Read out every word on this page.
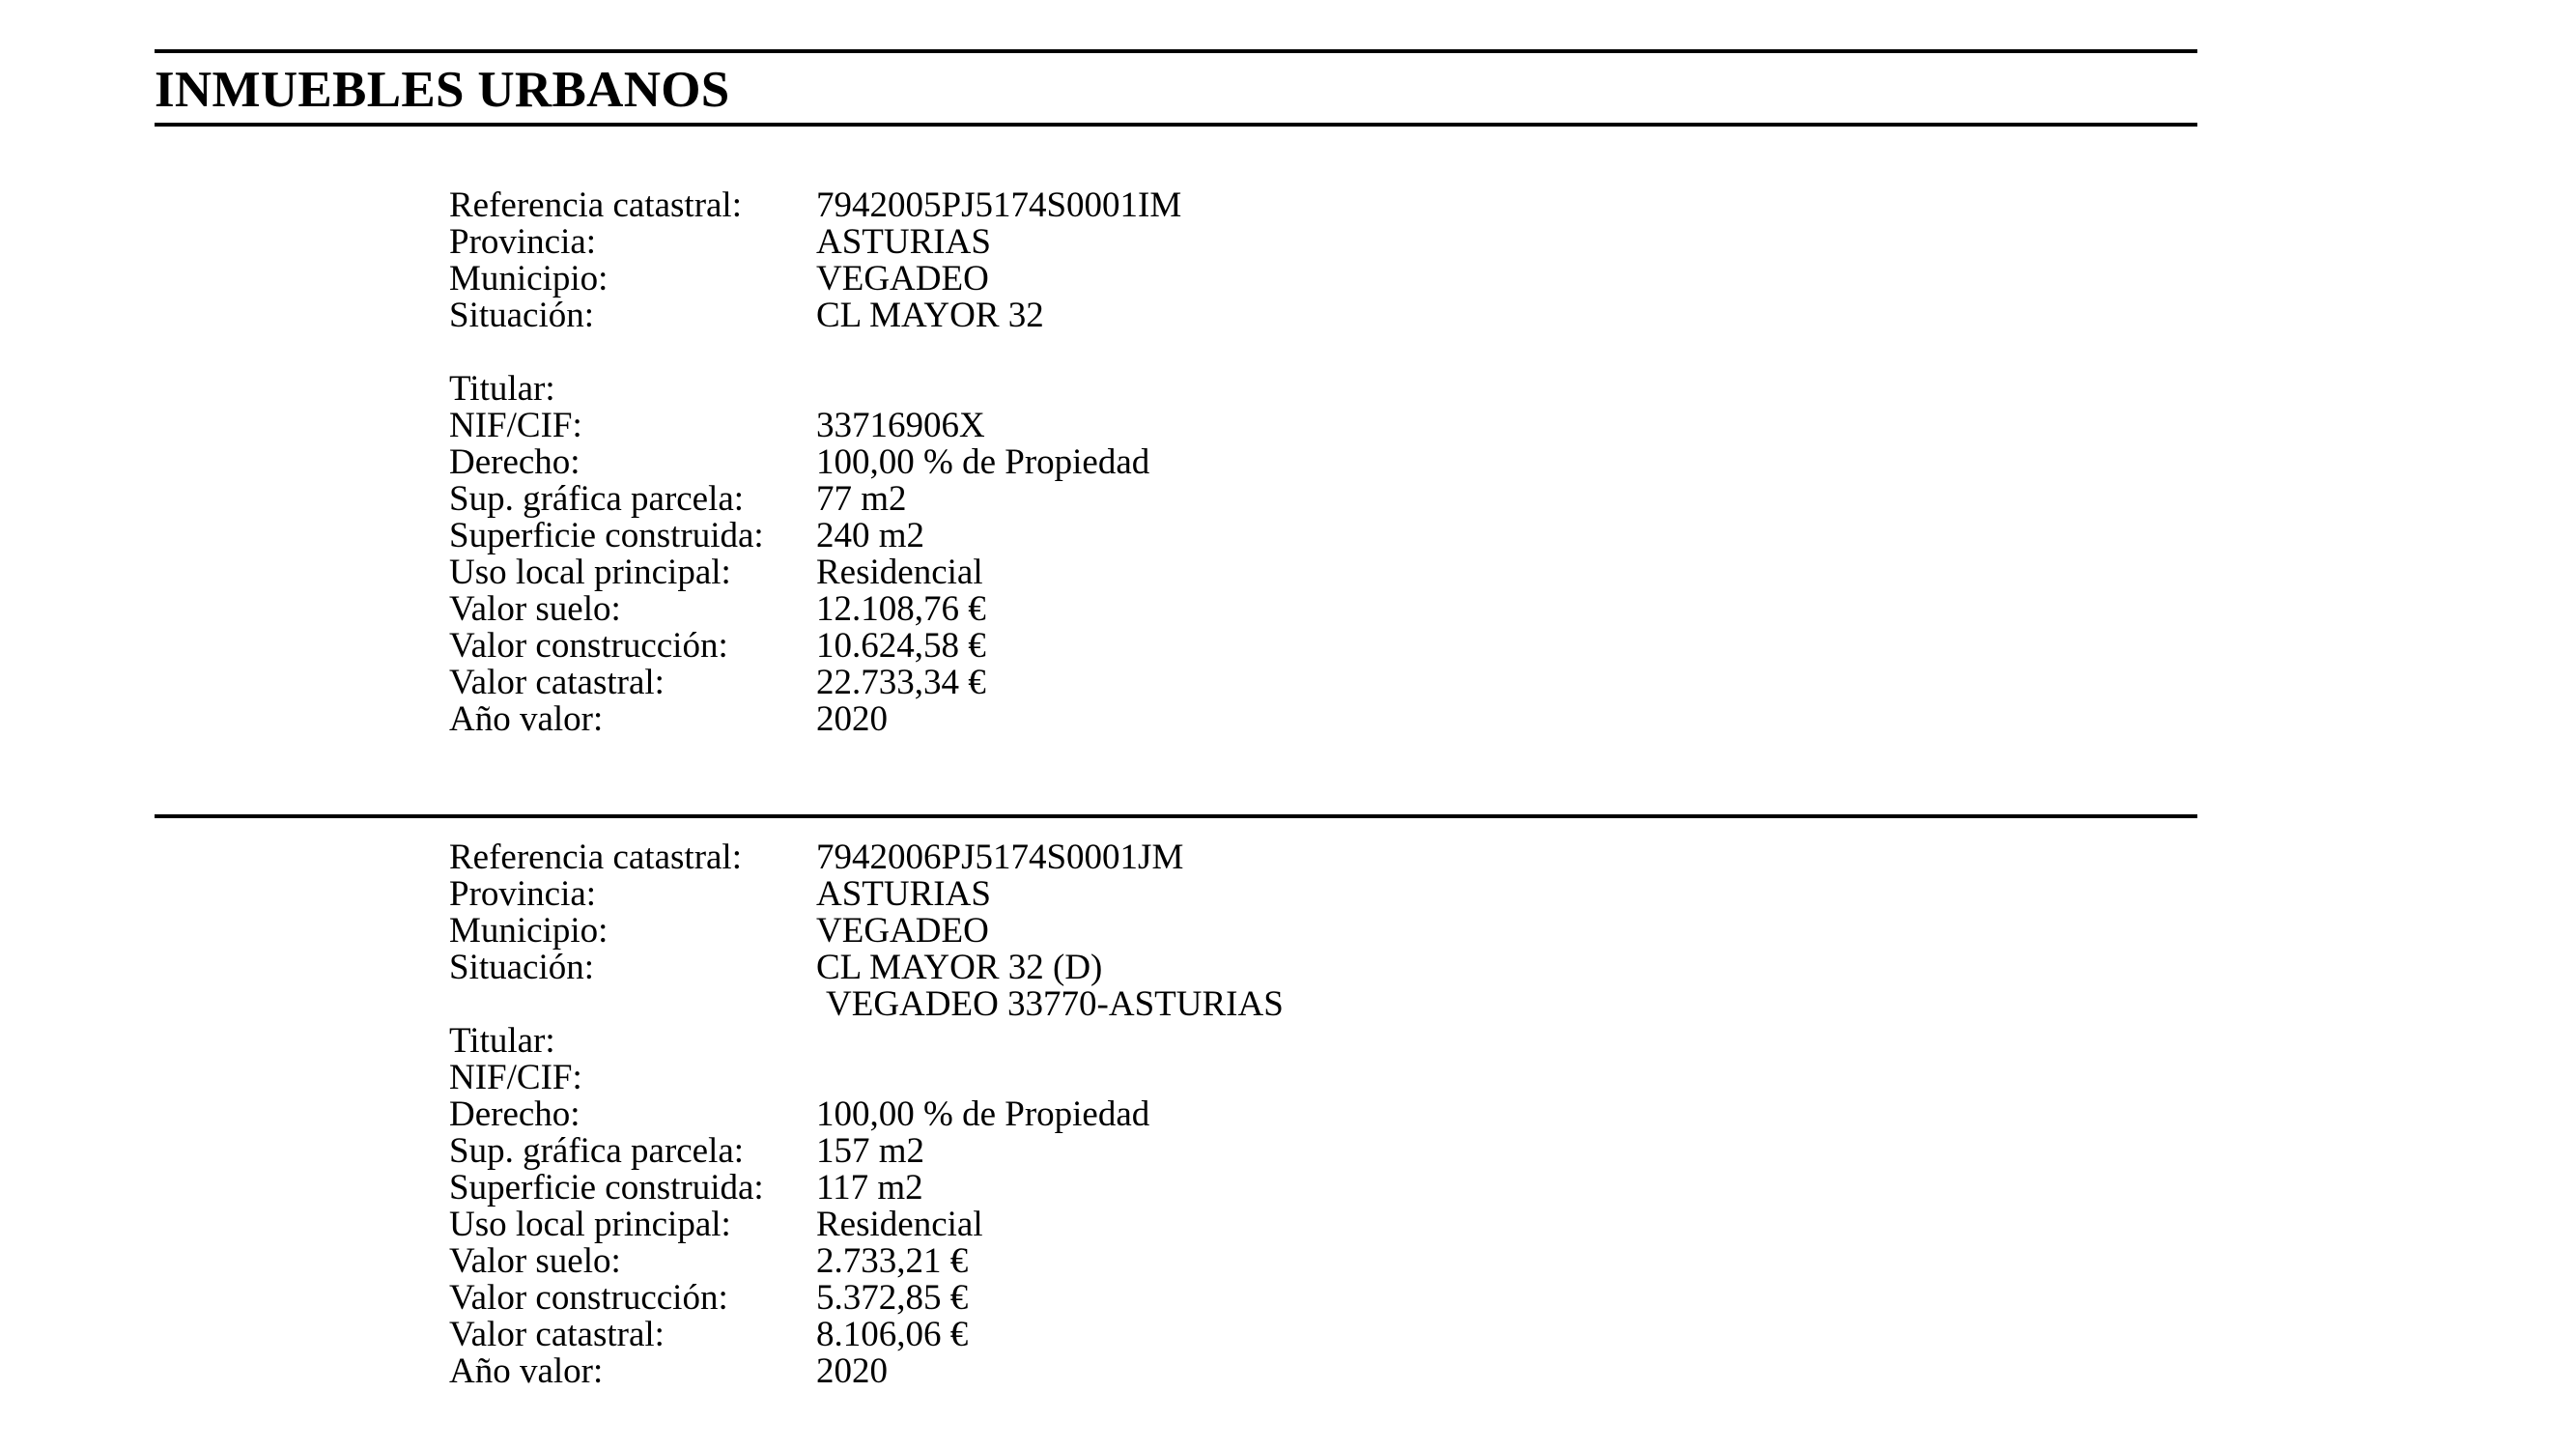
INMUEBLES URBANOS
Referencia catastral:	7942005PJ5174S0001IM
Provincia:	ASTURIAS
Municipio:	VEGADEO
Situación:	CL MAYOR 32
Titular:
NIF/CIF:	33716906X
Derecho:	100,00 % de Propiedad
Sup. gráfica parcela:	77 m2
Superficie construida:	240 m2
Uso local principal:	Residencial
Valor suelo:	12.108,76 €
Valor construcción:	10.624,58 €
Valor catastral:	22.733,34 €
Año valor:	2020
Referencia catastral:	7942006PJ5174S0001JM
Provincia:	ASTURIAS
Municipio:	VEGADEO
Situación:	CL MAYOR 32 (D)
VEGADEO 33770-ASTURIAS
Titular:
NIF/CIF:
Derecho:	100,00 % de Propiedad
Sup. gráfica parcela:	157 m2
Superficie construida:	117 m2
Uso local principal:	Residencial
Valor suelo:	2.733,21 €
Valor construcción:	5.372,85 €
Valor catastral:	8.106,06 €
Año valor:	2020
